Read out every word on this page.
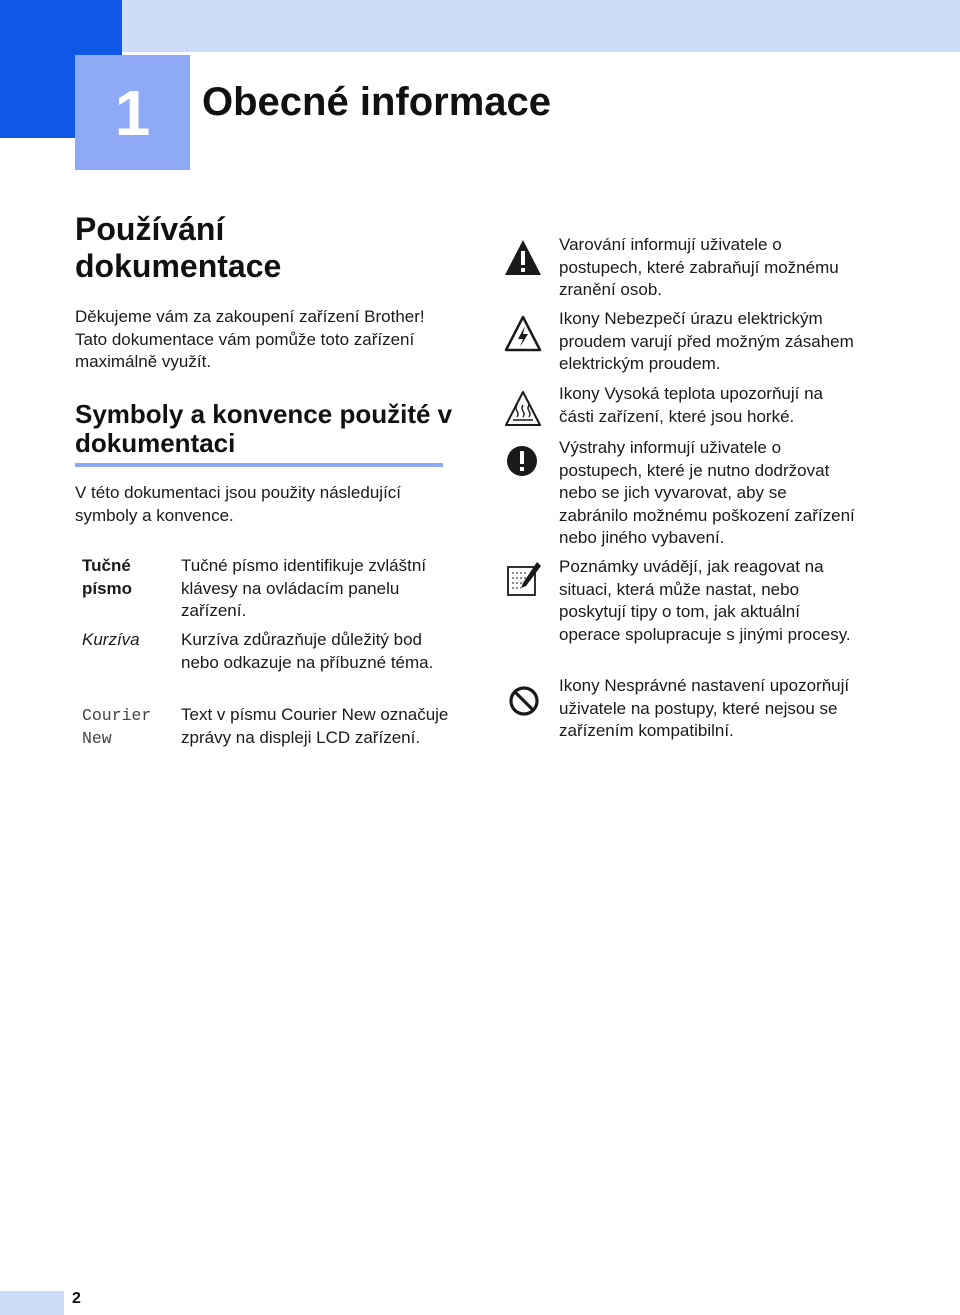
1	Obecné informace
Používání dokumentace

Děkujeme vám za zakoupení zařízení Brother! Tato dokumentace vám pomůže toto zařízení maximálně využít.

Symboly a konvence použité v dokumentaci

V této dokumentaci jsou použity následující symboly a konvence.

Tučné písmo
Tučné písmo identifikuje zvláštní klávesy na ovládacím panelu zařízení.
Kurzíva Kurzíva zdůrazňuje důležitý bod nebo odkazuje na příbuzné téma.
Courier New
Text v písmu Courier New označuje zprávy na displeji LCD zařízení.
Varování informují uživatele o postupech, které zabraňují možnému zranění osob.
Ikony Nebezpečí úrazu elektrickým proudem varují před možným zásahem elektrickým proudem.
Ikony Vysoká teplota upozorňují na části zařízení, které jsou horké.
Výstrahy informují uživatele o postupech, které je nutno dodržovat nebo se jich vyvarovat, aby se zabránilo možnému poškození zařízení nebo jiného vybavení.
Poznámky uvádějí, jak reagovat na situaci, která může nastat, nebo poskytují tipy o tom, jak aktuální operace spolupracuje s jinými procesy.
Ikony Nesprávné nastavení upozorňují uživatele na postupy, které nejsou se zařízením kompatibilní.
2
